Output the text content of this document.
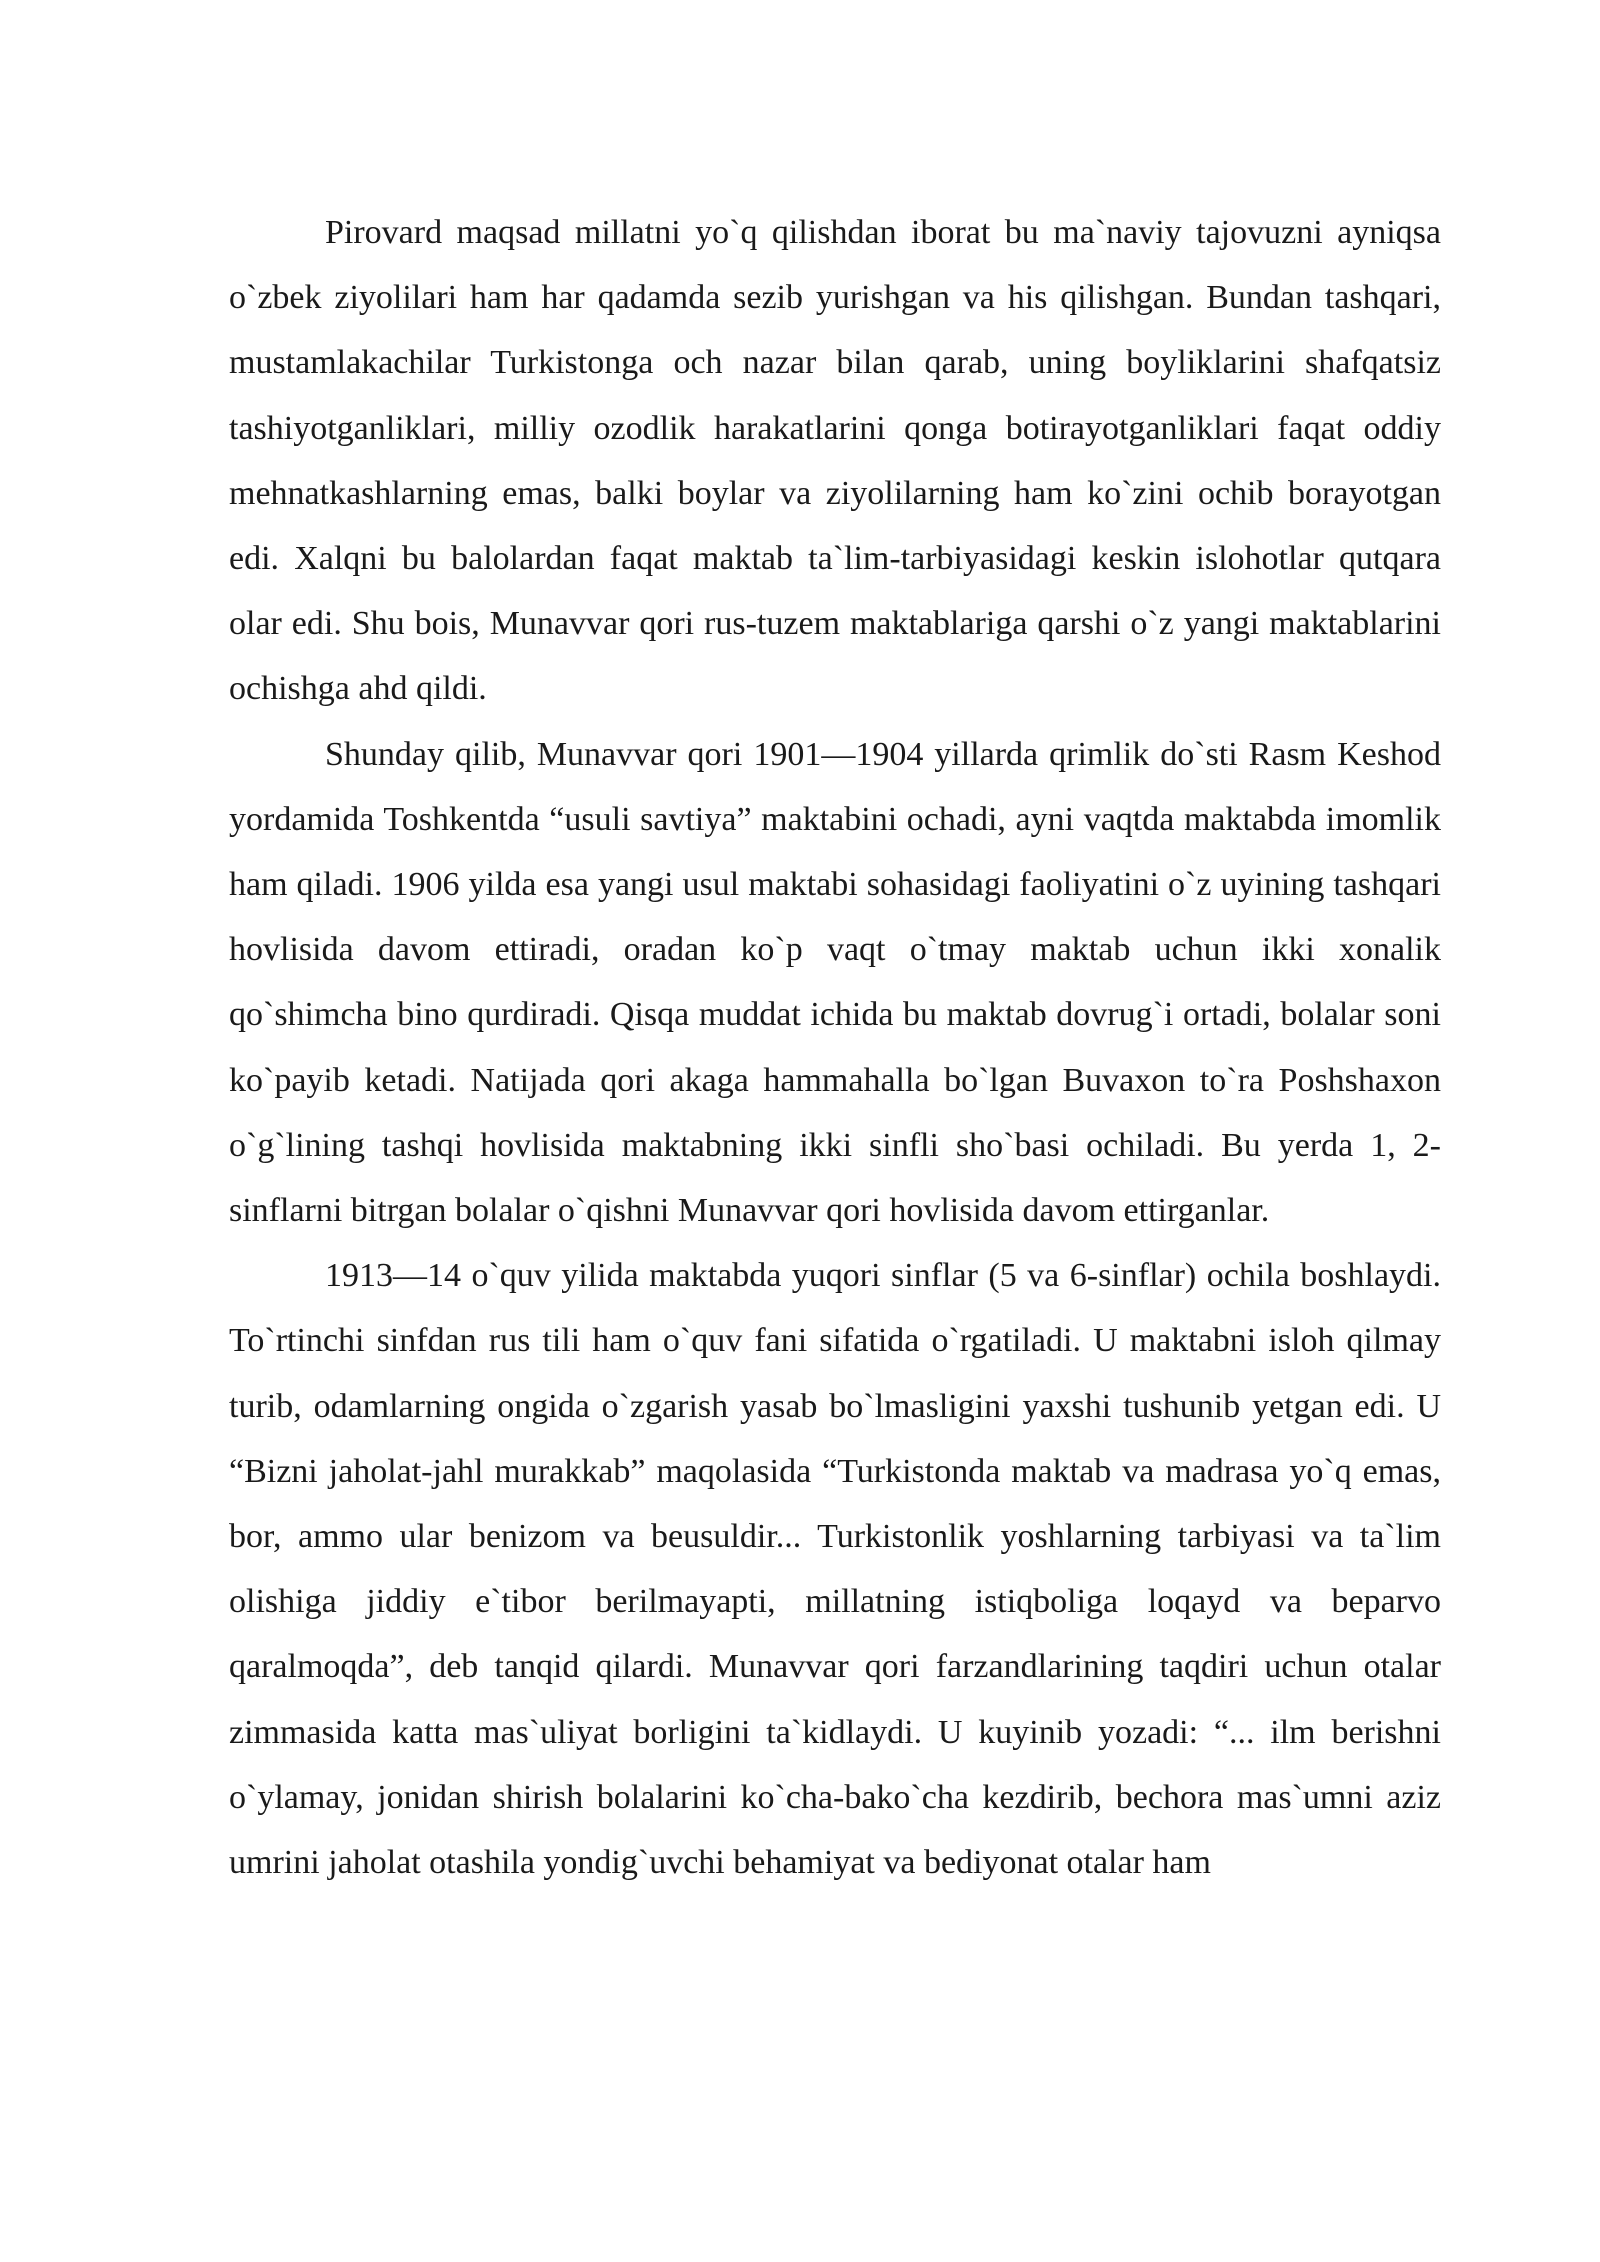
Pirovard maqsad millatni yo`q qilishdan iborat bu ma`naviy tajovuzni ayniqsa o`zbek ziyolilari ham har qadamda sezib yurishgan va his qilishgan. Bundan tashqari, mustamlakachilar Turkistonga och nazar bilan qarab, uning boyliklarini shafqatsiz tashiyotganliklari, milliy ozodlik harakatlarini qonga botirayotganliklari faqat oddiy mehnatkashlarning emas, balki boylar va ziyolilarning ham ko`zini ochib borayotgan edi. Xalqni bu balolardan faqat maktab ta`lim-tarbiyasidagi keskin islohotlar qutqara olar edi. Shu bois, Munavvar qori rus-tuzem maktablariga qarshi o`z yangi maktablarini ochishga ahd qildi.

Shunday qilib, Munavvar qori 1901—1904 yillarda qrimlik do`sti Rasm Keshod yordamida Toshkentda “usuli savtiya” maktabini ochadi, ayni vaqtda maktabda imomlik ham qiladi. 1906 yilda esa yangi usul maktabi sohasidagi faoliyatini o`z uyining tashqari hovlisida davom ettiradi, oradan ko`p vaqt o`tmay maktab uchun ikki xonalik qo`shimcha bino qurdiradi. Qisqa muddat ichida bu maktab dovrug`i ortadi, bolalar soni ko`payib ketadi. Natijada qori akaga hammahalla bo`lgan Buvaxon to`ra Poshshaxon o`g`lining tashqi hovlisida maktabning ikki sinfli sho`basi ochiladi. Bu yerda 1, 2-sinflarni bitrgan bolalar o`qishni Munavvar qori hovlisida davom ettirganlar.

1913—14 o`quv yilida maktabda yuqori sinflar (5 va 6-sinflar) ochila boshlaydi. To`rtinchi sinfdan rus tili ham o`quv fani sifatida o`rgatiladi. U maktabni isloh qilmay turib, odamlarning ongida o`zgarish yasab bo`lmasligini yaxshi tushunib yetgan edi. U “Bizni jaholat-jahl murakkab” maqolasida “Turkistonda maktab va madrasa yo`q emas, bor, ammo ular benizom va beusuldir... Turkistonlik yoshlarning tarbiyasi va ta`lim olishiga jiddiy e`tibor berilmayapti, millatning istiqboliga loqayd va beparvo qaralmoqda”, deb tanqid qilardi. Munavvar qori farzandlarining taqdiri uchun otalar zimmasida katta mas`uliyat borligini ta`kidlaydi. U kuyinib yozadi: “... ilm berishni o`ylamay, jonidan shirish bolalarini ko`cha-bako`cha kezdirib, bechora mas`umni aziz umrini jaholat otashila yondig`uvchi behamiyat va bediyonat otalar ham
